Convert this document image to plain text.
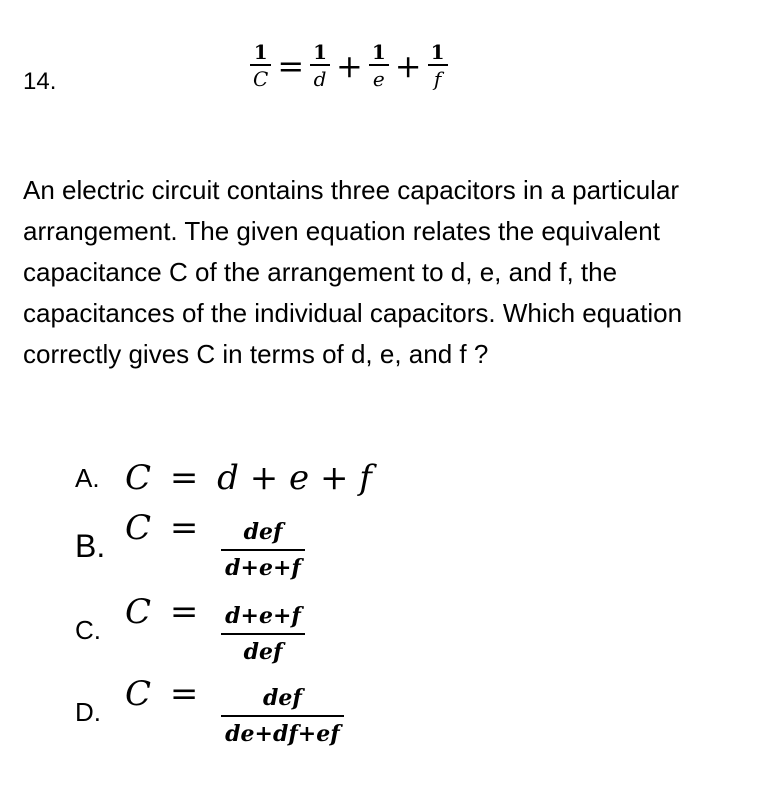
14.	$\frac{1}{C} = \frac{1}{d} + \frac{1}{e} + \frac{1}{f}$
An electric circuit contains three capacitors in a particular arrangement. The given equation relates the equivalent capacitance C of the arrangement to d, e, and f, the capacitances of the individual capacitors. Which equation correctly gives C in terms of d, e, and f ?
A. C = d + e + f
B. C = def
d+e+f
C. C = d+e+f
def
D. C =	def
de+df+ef
